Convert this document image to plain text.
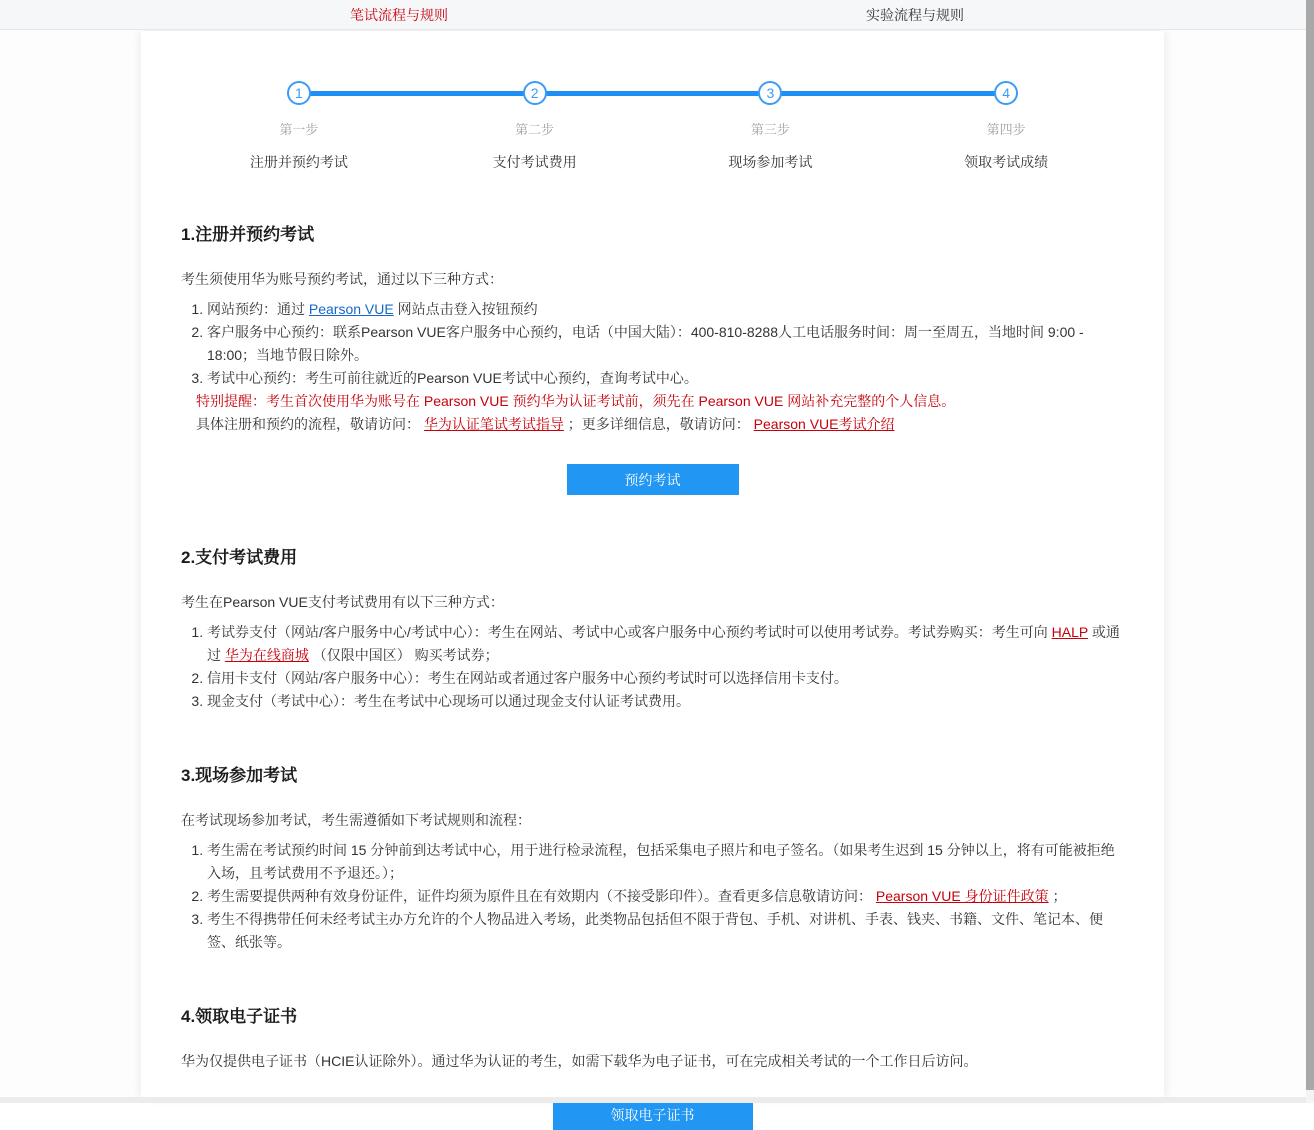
笔试流程与规则	实验流程与规则
1
第一步
注册并预约考试
2
第二步
支付考试费用
3
第三步
现场参加考试
4
第四步
领取考试成绩
1.注册并预约考试

考生须使用华为账号预约考试，通过以下三种方式：

1. 网站预约：通过 Pearson VUE 网站点击登入按钮预约
2. 客户服务中心预约：联系Pearson VUE客户服务中心预约，电话（中国大陆）：400-810-8288人工电话服务时间：周一至周五，当地时间 9:00 - 18:00；当地节假日除外。
3. 考试中心预约：考生可前往就近的Pearson VUE考试中心预约，查询考试中心。

特别提醒：考生首次使用华为账号在 Pearson VUE 预约华为认证考试前，须先在 Pearson VUE 网站补充完整的个人信息。

具体注册和预约的流程，敬请访问： 华为认证笔试考试指导 ；更多详细信息，敬请访问： Pearson VUE考试介绍

预约考试
2.支付考试费用

考生在Pearson VUE支付考试费用有以下三种方式：

1. 考试券支付（网站/客户服务中心/考试中心）：考生在网站、考试中心或客户服务中心预约考试时可以使用考试券。考试券购买：考生可向 HALP 或通过 华为在线商城 （仅限中国区） 购买考试券；
2. 信用卡支付（网站/客户服务中心）：考生在网站或者通过客户服务中心预约考试时可以选择信用卡支付。
3. 现金支付（考试中心）：考生在考试中心现场可以通过现金支付认证考试费用。
3.现场参加考试

在考试现场参加考试，考生需遵循如下考试规则和流程：

1. 考生需在考试预约时间 15 分钟前到达考试中心，用于进行检录流程，包括采集电子照片和电子签名。（如果考生迟到 15 分钟以上，将有可能被拒绝入场，且考试费用不予退还。）；
2. 考生需要提供两种有效身份证件，证件均须为原件且在有效期内（不接受影印件）。查看更多信息敬请访问： Pearson VUE 身份证件政策 ；
3. 考生不得携带任何未经考试主办方允许的个人物品进入考场，此类物品包括但不限于背包、手机、对讲机、手表、钱夹、书籍、文件、笔记本、便签、纸张等。
4.领取电子证书

华为仅提供电子证书（HCIE认证除外）。通过华为认证的考生，如需下载华为电子证书，可在完成相关考试的一个工作日后访问。

领取电子证书
